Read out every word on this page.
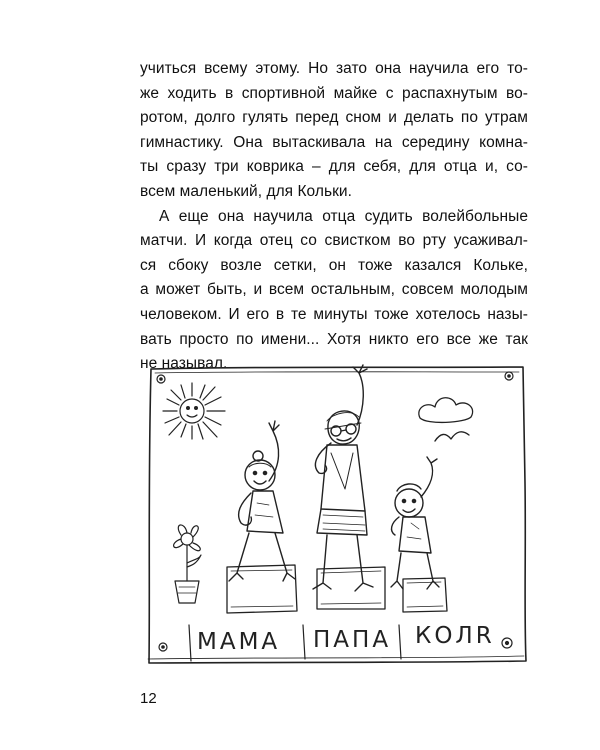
учиться всему этому. Но зато она научила его то-
же ходить в спортивной майке с распахнутым во-
ротом, долго гулять перед сном и делать по утрам
гимнастику. Она вытаскивала на середину комна-
ты сразу три коврика – для себя, для отца и, со-
всем маленький, для Кольки.
А еще она научила отца судить волейбольные
матчи. И когда отец со свистком во рту усаживал-
ся сбоку возле сетки, он тоже казался Кольке,
а может быть, и всем остальным, совсем молодым
человеком. И его в те минуты тоже хотелось назы-
вать просто по имени... Хотя никто его все же так
не называл.
МАМА ПАПА КОЛR
12
